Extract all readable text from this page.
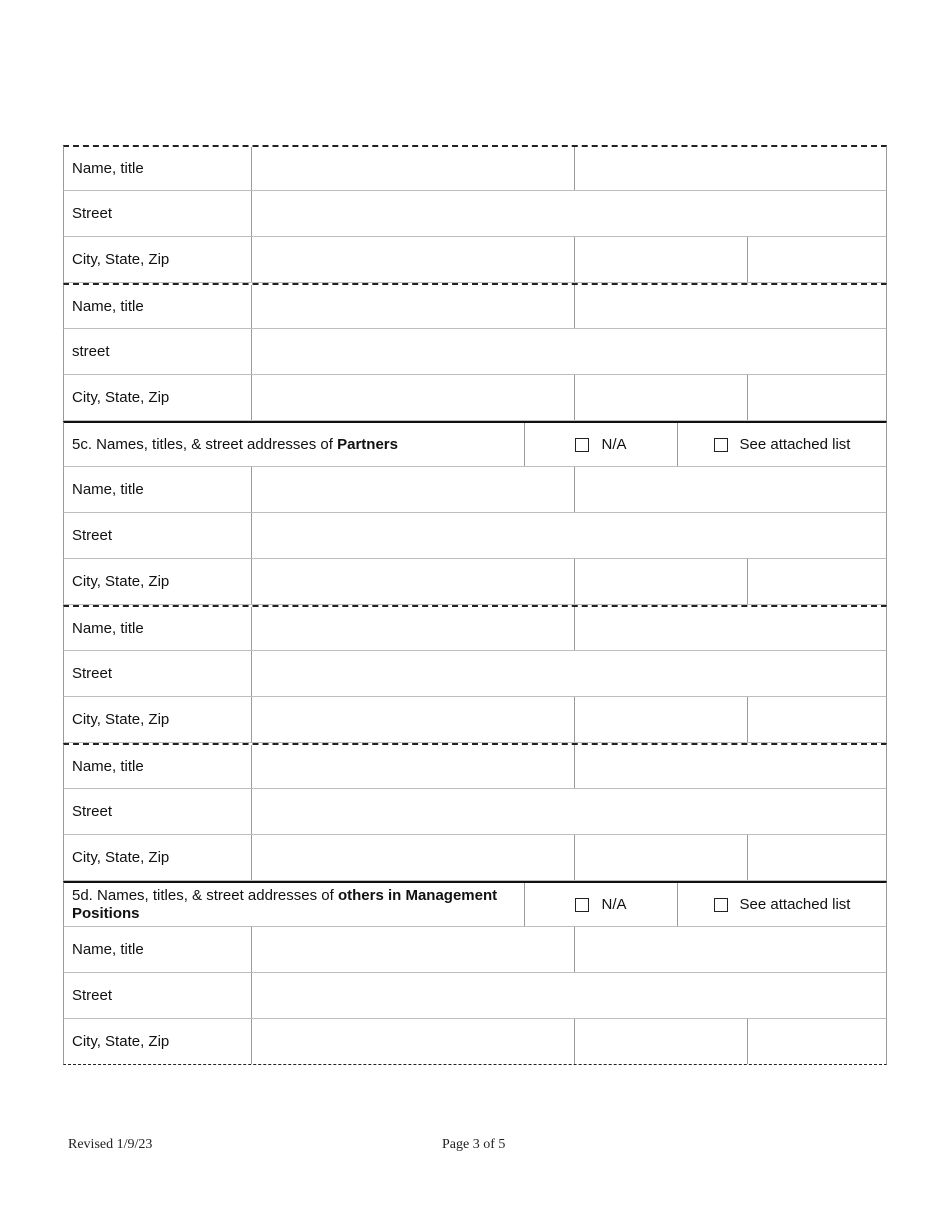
Name, title
Street
City, State, Zip
Name, title
street
City, State, Zip
5c. Names, titles, & street addresses of Partners	N/A	See attached list
Name, title
Street
City, State, Zip
Name, title
Street
City, State, Zip
Name, title
Street
City, State, Zip
5d. Names, titles, & street addresses of others in Management Positions	N/A	See attached list
Name, title
Street
City, State, Zip
Revised 1/9/23	Page 3 of 5
